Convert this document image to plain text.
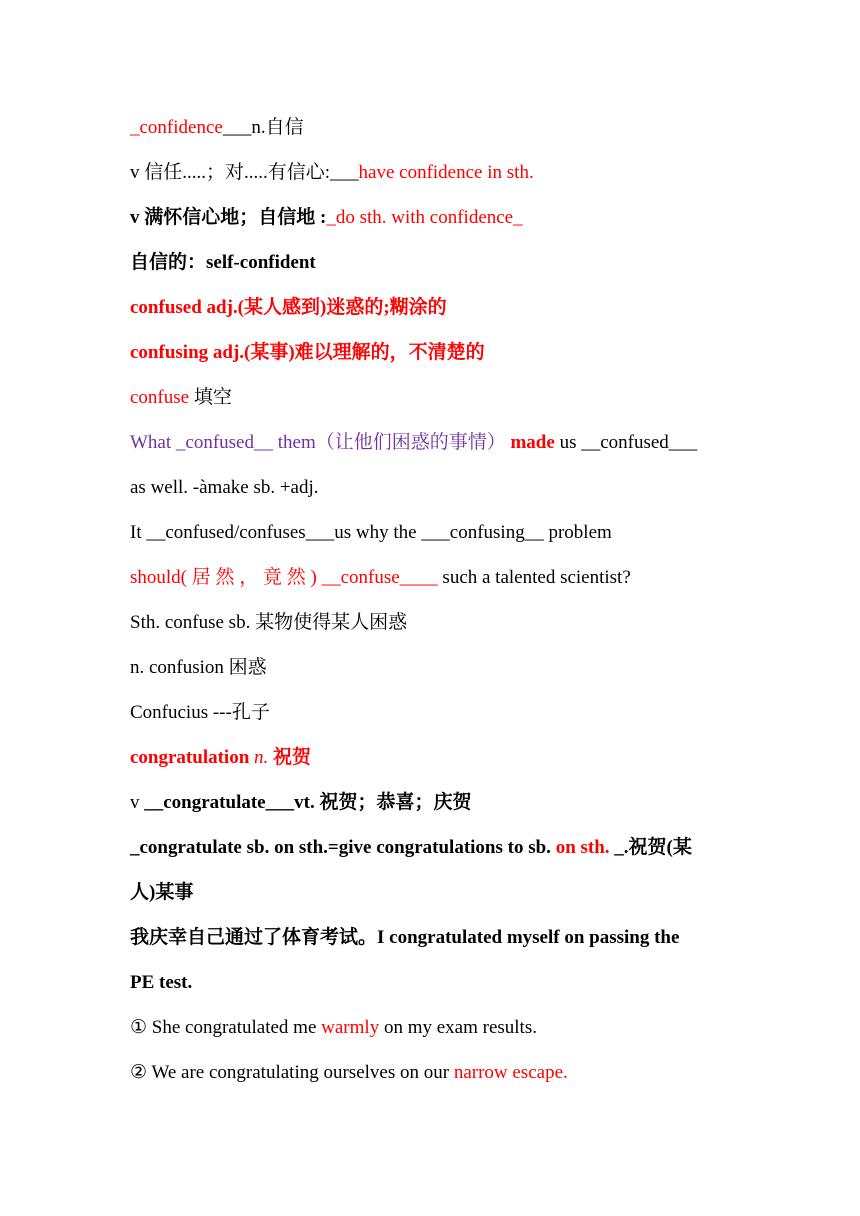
_confidence___n.自信
v 信任.....；对.....有信心:___have confidence in sth.
v 满怀信心地；自信地 :_do sth. with confidence_
自信的：self-confident
confused adj.(某人感到)迷惑的;糊涂的
confusing adj.(某事)难以理解的，不清楚的
confuse 填空
What _confused__ them（让他们困惑的事情） made us __confused___
as well. -àmake sb. +adj.
It __confused/confuses___us why the ___confusing__ problem
should( 居 然 ， 竟 然 ) __confuse____ such a talented scientist?
Sth. confuse sb. 某物使得某人困惑
n. confusion 困惑
Confucius ---孔子
congratulation n. 祝贺
v __congratulate___vt. 祝贺；恭喜；庆贺
_congratulate sb. on sth.=give congratulations to sb. on sth. _.祝贺(某
人)某事
我庆幸自己通过了体育考试。I congratulated myself on passing the
PE test.
① She congratulated me warmly on my exam results.
② We are congratulating ourselves on our narrow escape.
